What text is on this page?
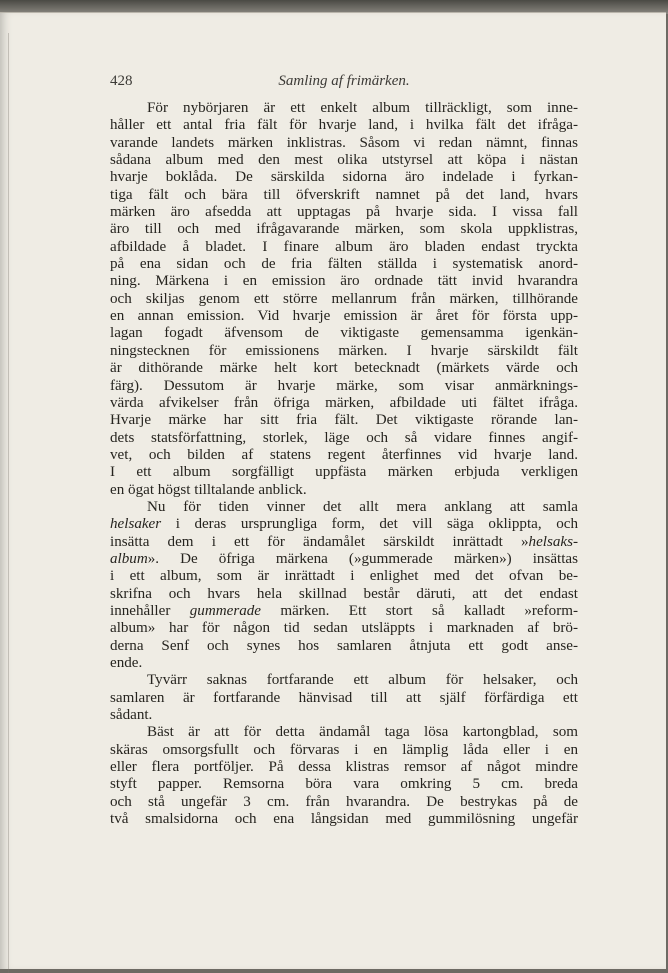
428	Samling af frimärken.
För nybörjaren är ett enkelt album tillräckligt, som inne-
håller ett antal fria fält för hvarje land, i hvilka fält det ifråga-
varande landets märken inklistras. Såsom vi redan nämnt, finnas
sådana album med den mest olika utstyrsel att köpa i nästan
hvarje boklåda. De särskilda sidorna äro indelade i fyrkan-
tiga fält och bära till öfverskrift namnet på det land, hvars
märken äro afsedda att upptagas på hvarje sida. I vissa fall
äro till och med ifrågavarande märken, som skola uppklistras,
afbildade å bladet. I finare album äro bladen endast tryckta
på ena sidan och de fria fälten ställda i systematisk anord-
ning. Märkena i en emission äro ordnade tätt invid hvarandra
och skiljas genom ett större mellanrum från märken, tillhörande
en annan emission. Vid hvarje emission är året för första upp-
lagan fogadt äfvensom de viktigaste gemensamma igenkän-
ningstecknen för emissionens märken. I hvarje särskildt fält
är dithörande märke helt kort betecknadt (märkets värde och
färg). Dessutom är hvarje märke, som visar anmärknings-
värda afvikelser från öfriga märken, afbildade uti fältet ifråga.
Hvarje märke har sitt fria fält. Det viktigaste rörande lan-
dets statsförfattning, storlek, läge och så vidare finnes angif-
vet, och bilden af statens regent återfinnes vid hvarje land.
I ett album sorgfälligt uppfästa märken erbjuda verkligen
en ögat högst tilltalande anblick.
Nu för tiden vinner det allt mera anklang att samla
helsaker i deras ursprungliga form, det vill säga oklippta, och
insätta dem i ett för ändamålet särskildt inrättadt »helsaks-
album». De öfriga märkena (»gummerade märken») insättas
i ett album, som är inrättadt i enlighet med det ofvan be-
skrifna och hvars hela skillnad består däruti, att det endast
innehåller gummerade märken. Ett stort så kalladt »reform-
album» har för någon tid sedan utsläppts i marknaden af brö-
derna Senf och synes hos samlaren åtnjuta ett godt anse-
ende.
Tyvärr saknas fortfarande ett album för helsaker, och
samlaren är fortfarande hänvisad till att själf förfärdiga ett
sådant.
Bäst är att för detta ändamål taga lösa kartongblad, som
skäras omsorgsfullt och förvaras i en lämplig låda eller i en
eller flera portföljer. På dessa klistras remsor af något mindre
styft papper. Remsorna böra vara omkring 5 cm. breda
och stå ungefär 3 cm. från hvarandra. De bestrykas på de
två smalsidorna och ena långsidan med gummilösning ungefär
